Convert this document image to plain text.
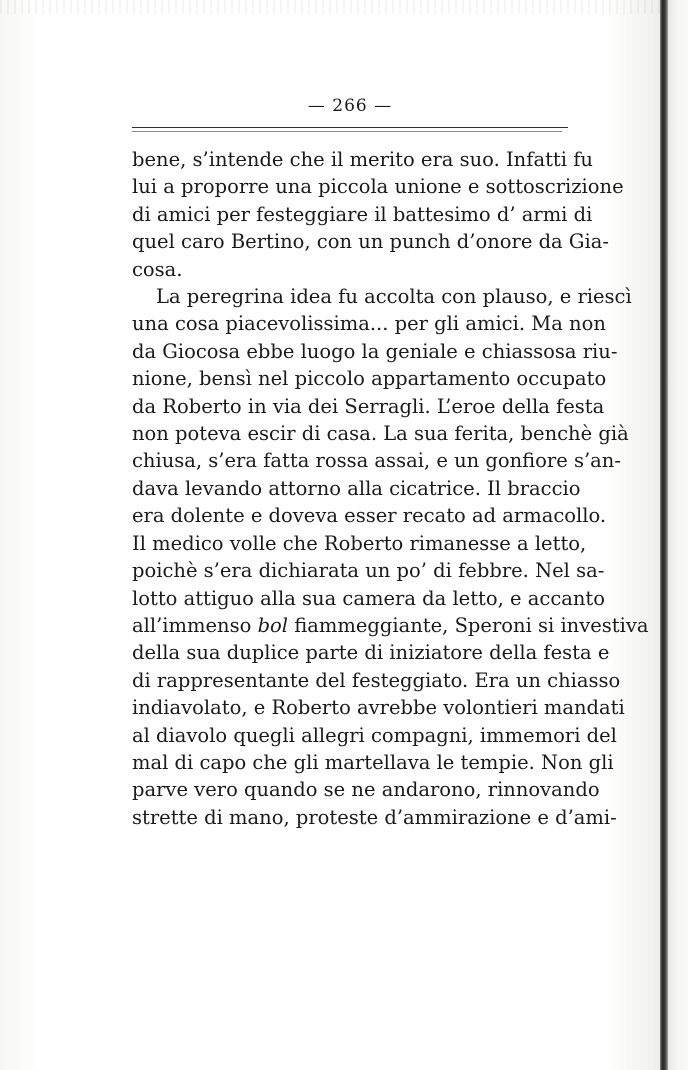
— 266 —
bene, s’intende che il merito era suo. Infatti fu
lui a proporre una piccola unione e sottoscrizione
di amici per festeggiare il battesimo d’ armi di
quel caro Bertino, con un punch d’onore da Gia-
cosa.
La peregrina idea fu accolta con plauso, e riescì
una cosa piacevolissima... per gli amici. Ma non
da Giocosa ebbe luogo la geniale e chiassosa riu-
nione, bensì nel piccolo appartamento occupato
da Roberto in via dei Serragli. L’eroe della festa
non poteva escir di casa. La sua ferita, benchè già
chiusa, s’era fatta rossa assai, e un gonfiore s’an-
dava levando attorno alla cicatrice. Il braccio
era dolente e doveva esser recato ad armacollo.
Il medico volle che Roberto rimanesse a letto,
poichè s’era dichiarata un po’ di febbre. Nel sa-
lotto attiguo alla sua camera da letto, e accanto
all’immenso bol fiammeggiante, Speroni si investiva
della sua duplice parte di iniziatore della festa e
di rappresentante del festeggiato. Era un chiasso
indiavolato, e Roberto avrebbe volontieri mandati
al diavolo quegli allegri compagni, immemori del
mal di capo che gli martellava le tempie. Non gli
parve vero quando se ne andarono, rinnovando
strette di mano, proteste d’ammirazione e d’ami-
